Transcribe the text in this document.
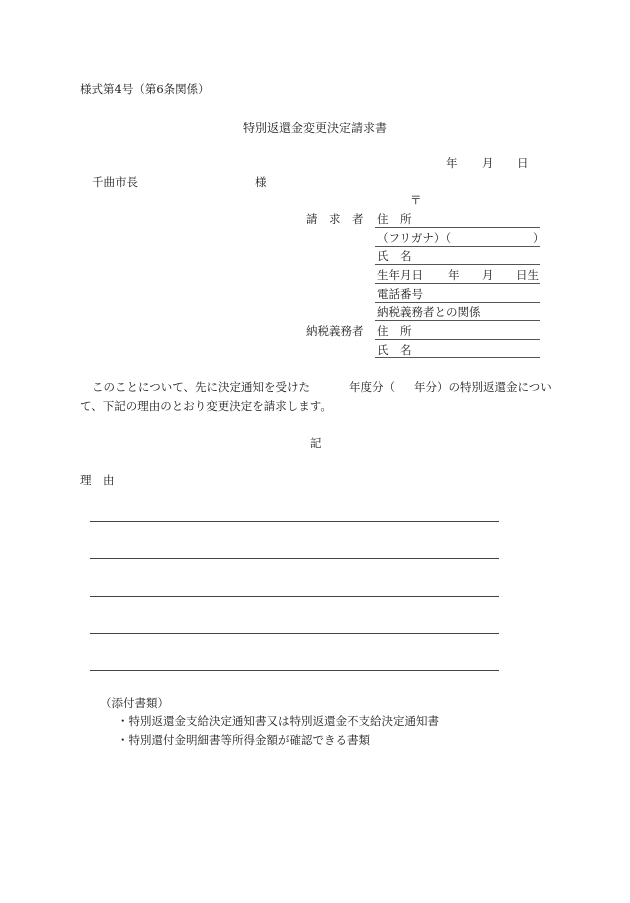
様式第4号（第6条関係）
特別返還金変更決定請求書
年 月 日
千曲市長	様
〒
請　求　者 住　所
（フリガナ）（	）
氏　名
生年月日 年 月 日生
電話番号
納税義務者との関係
納税義務者 住　所
氏　名
このことについて、先に決定通知を受けた	年度分（ 年分）の特別返還金につい
て、下記の理由のとおり変更決定を請求します。
記
理　由
（添付書類）
・特別返還金支給決定通知書又は特別返還金不支給決定通知書
・特別還付金明細書等所得金額が確認できる書類
